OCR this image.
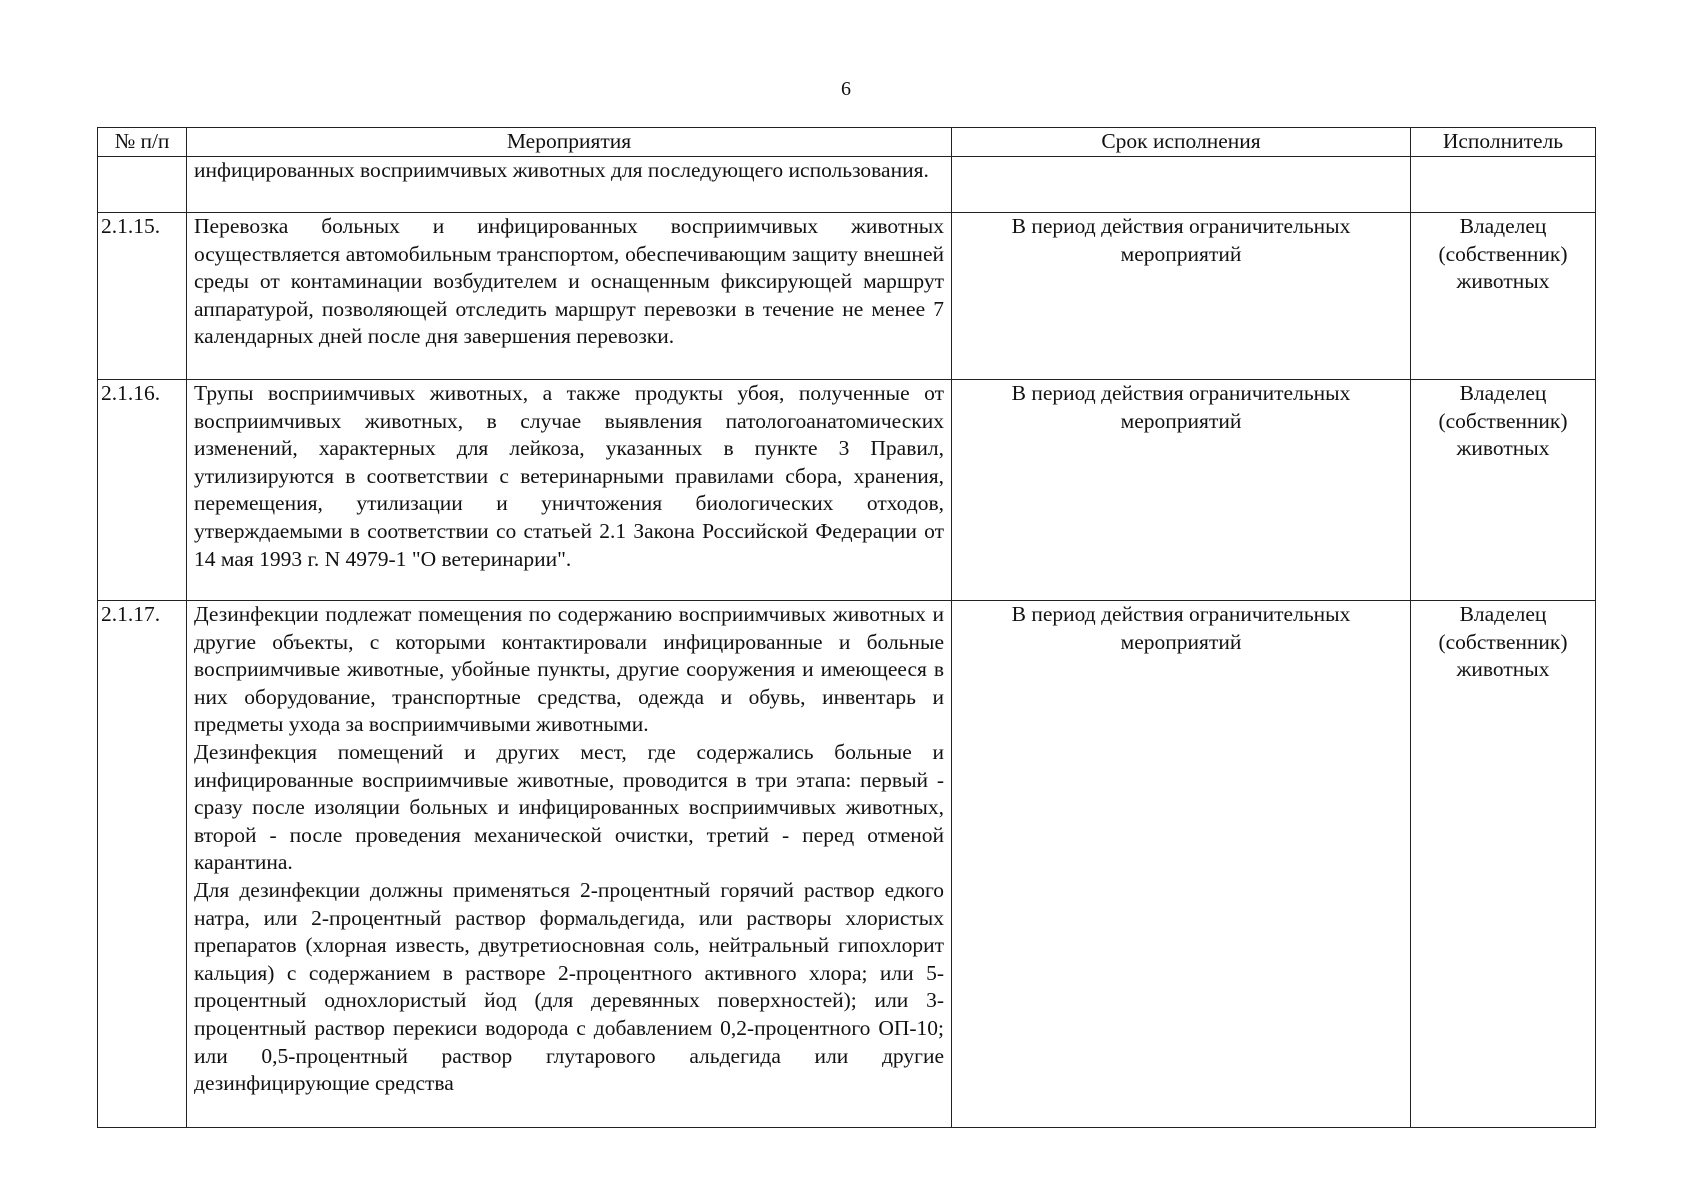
6
№ п/п	Мероприятия	Срок исполнения	Исполнитель
	инфицированных восприимчивых животных для последующего использования.		
2.1.15.	Перевозка больных и инфицированных восприимчивых животных осуществляется автомобильным транспортом, обеспечивающим защиту внешней среды от контаминации возбудителем и оснащенным фиксирующей маршрут аппаратурой, позволяющей отследить маршрут перевозки в течение не менее 7 календарных дней после дня завершения перевозки.	В период действия ограничительных мероприятий	Владелец (собственник) животных
2.1.16.	Трупы восприимчивых животных, а также продукты убоя, полученные от восприимчивых животных, в случае выявления патологоанатомических изменений, характерных для лейкоза, указанных в пункте 3 Правил, утилизируются в соответствии с ветеринарными правилами сбора, хранения, перемещения, утилизации и уничтожения биологических отходов, утверждаемыми в соответствии со статьей 2.1 Закона Российской Федерации от 14 мая 1993 г. N 4979-1 "О ветеринарии".	В период действия ограничительных мероприятий	Владелец (собственник) животных
2.1.17.	Дезинфекции подлежат помещения по содержанию восприимчивых животных и другие объекты, с которыми контактировали инфицированные и больные восприимчивые животные, убойные пункты, другие сооружения и имеющееся в них оборудование, транспортные средства, одежда и обувь, инвентарь и предметы ухода за восприимчивыми животными.

Дезинфекция помещений и других мест, где содержались больные и инфицированные восприимчивые животные, проводится в три этапа: первый - сразу после изоляции больных и инфицированных восприимчивых животных, второй - после проведения механической очистки, третий - перед отменой карантина.

Для дезинфекции должны применяться 2-процентный горячий раствор едкого натра, или 2-процентный раствор формальдегида, или растворы хлористых препаратов (хлорная известь, двутретиосновная соль, нейтральный гипохлорит кальция) с содержанием в растворе 2-процентного активного хлора; или 5-процентный однохлористый йод (для деревянных поверхностей); или 3-процентный раствор перекиси водорода с добавлением 0,2-процентного ОП-10; или 0,5-процентный раствор глутарового альдегида или другие дезинфицирующие средства	В период действия ограничительных мероприятий	Владелец (собственник) животных
